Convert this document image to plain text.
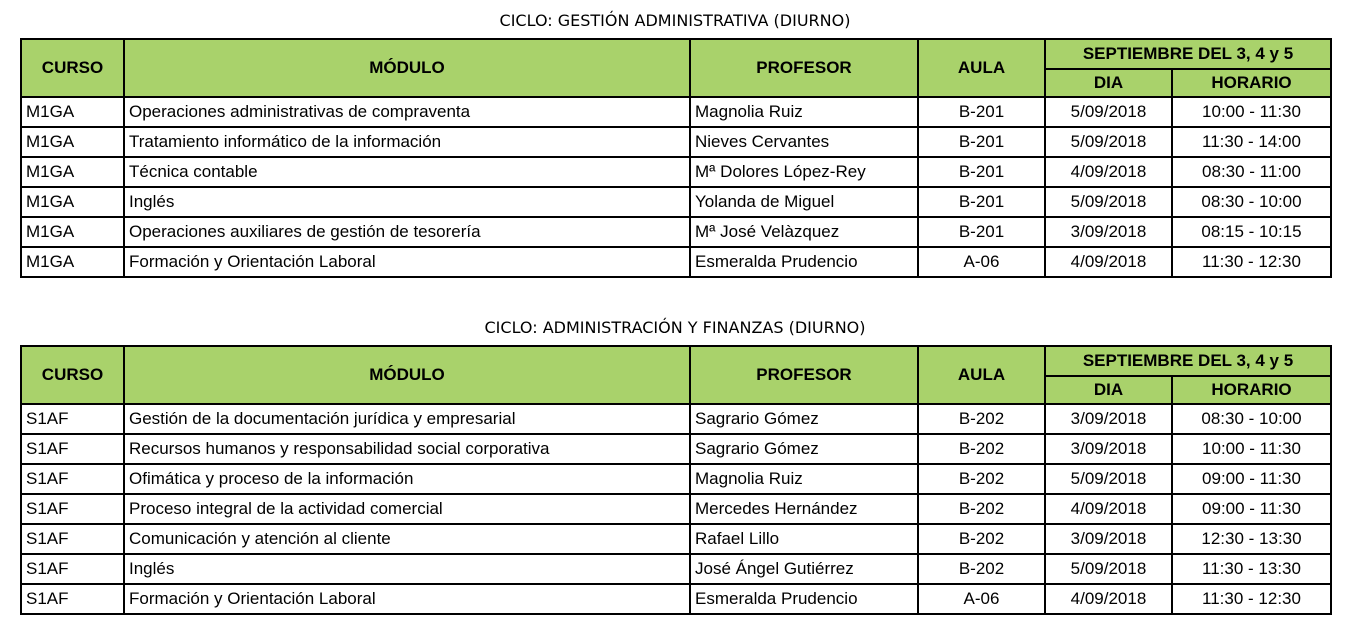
CICLO: GESTIÓN ADMINISTRATIVA (DIURNO)
CURSO	MÓDULO	PROFESOR	AULA	SEPTIEMBRE DEL 3, 4 y 5	
				DIA	HORARIO
M1GA	Operaciones administrativas de compraventa	Magnolia Ruiz	B-201	5/09/2018	10:00 - 11:30
M1GA	Tratamiento informático de la información	Nieves Cervantes	B-201	5/09/2018	11:30 - 14:00
M1GA	Técnica contable	Mª Dolores López-Rey	B-201	4/09/2018	08:30 - 11:00
M1GA	Inglés	Yolanda de Miguel	B-201	5/09/2018	08:30 - 10:00
M1GA	Operaciones auxiliares de gestión de tesorería	Mª José Velàzquez	B-201	3/09/2018	08:15 - 10:15
M1GA	Formación y Orientación Laboral	Esmeralda Prudencio	A-06	4/09/2018	11:30 - 12:30
CICLO: ADMINISTRACIÓN Y FINANZAS (DIURNO)
CURSO	MÓDULO	PROFESOR	AULA	SEPTIEMBRE DEL 3, 4 y 5	
				DIA	HORARIO
S1AF	Gestión de la documentación jurídica y empresarial	Sagrario Gómez	B-202	3/09/2018	08:30 - 10:00
S1AF	Recursos humanos y responsabilidad social corporativa	Sagrario Gómez	B-202	3/09/2018	10:00 - 11:30
S1AF	Ofimática y proceso de la información	Magnolia Ruiz	B-202	5/09/2018	09:00 - 11:30
S1AF	Proceso integral de la actividad comercial	Mercedes Hernández	B-202	4/09/2018	09:00 - 11:30
S1AF	Comunicación y atención al cliente	Rafael Lillo	B-202	3/09/2018	12:30 - 13:30
S1AF	Inglés	José Ángel Gutiérrez	B-202	5/09/2018	11:30 - 13:30
S1AF	Formación y Orientación Laboral	Esmeralda Prudencio	A-06	4/09/2018	11:30 - 12:30
